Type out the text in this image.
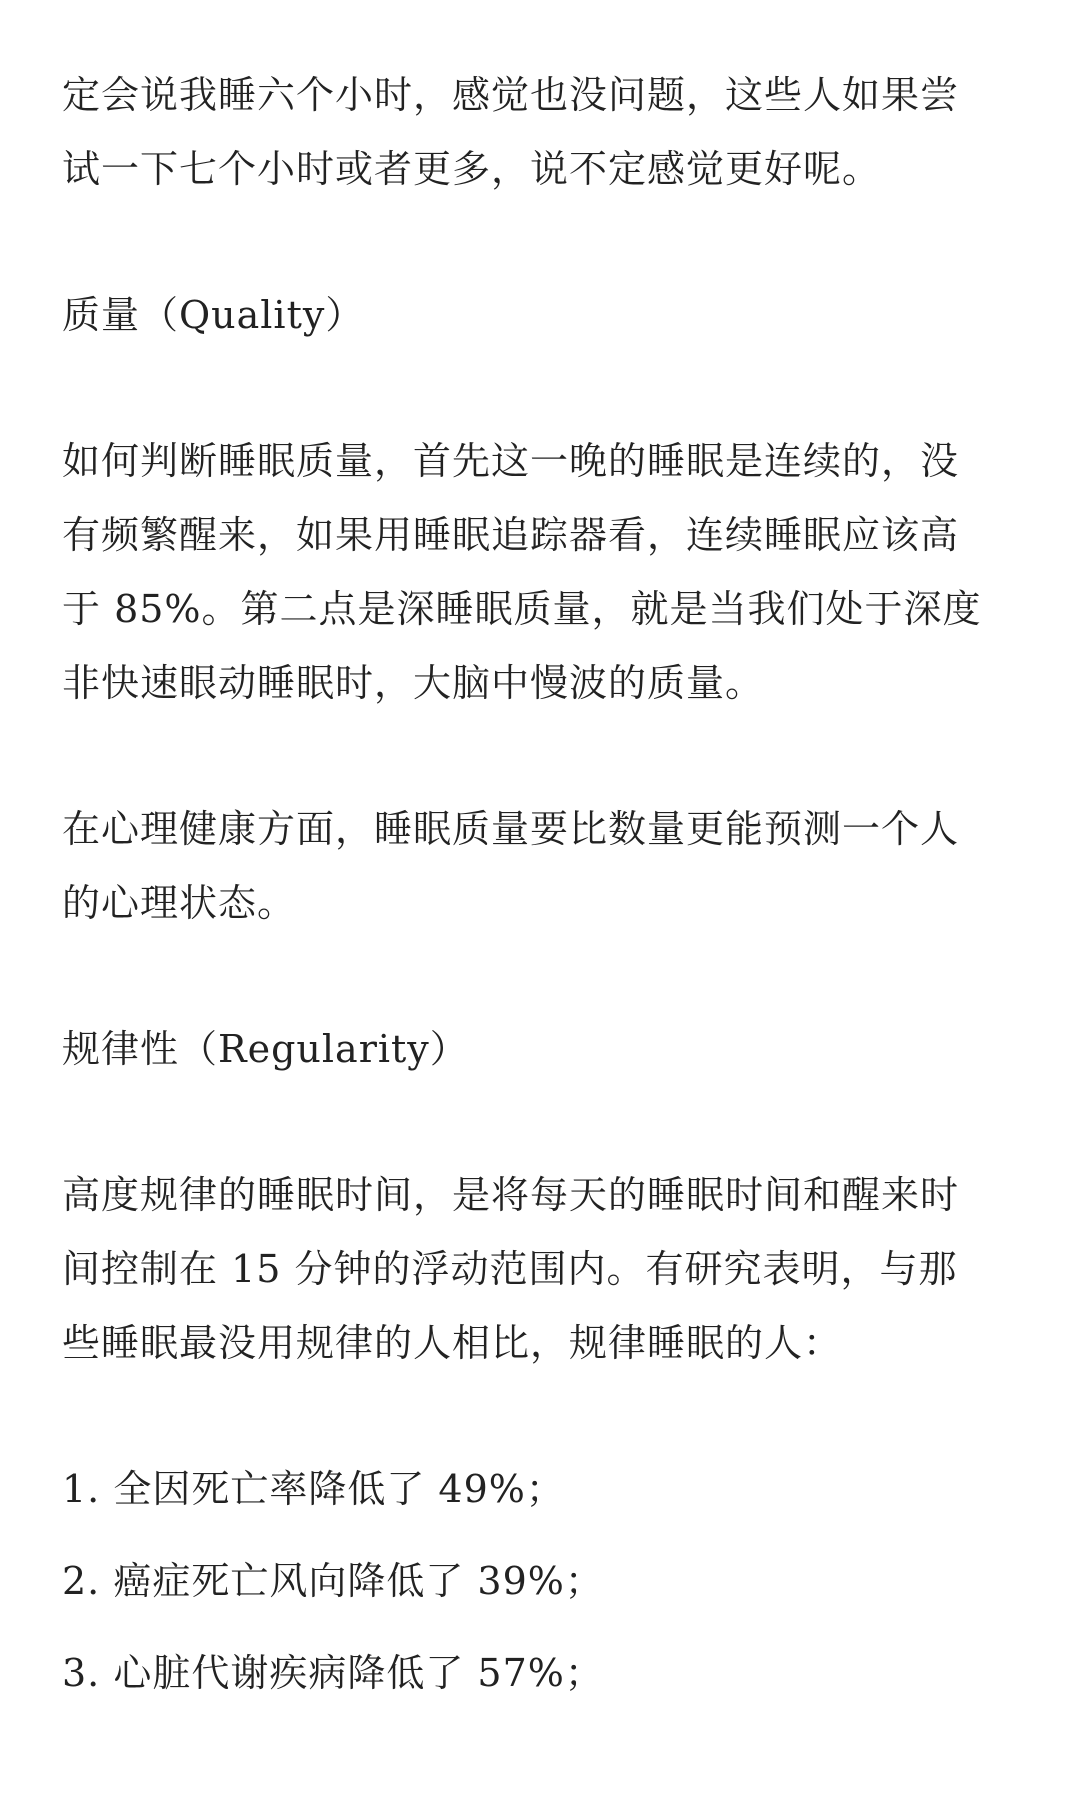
定会说我睡六个小时，感觉也没问题，这些人如果尝
试一下七个小时或者更多，说不定感觉更好呢。

质量（Quality）

如何判断睡眠质量，首先这一晚的睡眠是连续的，没
有频繁醒来，如果用睡眠追踪器看，连续睡眠应该高
于 85%。第二点是深睡眠质量，就是当我们处于深度
非快速眼动睡眠时，大脑中慢波的质量。

在心理健康方面，睡眠质量要比数量更能预测一个人
的心理状态。

规律性（Regularity）

高度规律的睡眠时间，是将每天的睡眠时间和醒来时
间控制在 15 分钟的浮动范围内。有研究表明，与那
些睡眠最没用规律的人相比，规律睡眠的人：

1. 全因死亡率降低了 49%；

2. 癌症死亡风向降低了 39%；

3. 心脏代谢疾病降低了 57%；
